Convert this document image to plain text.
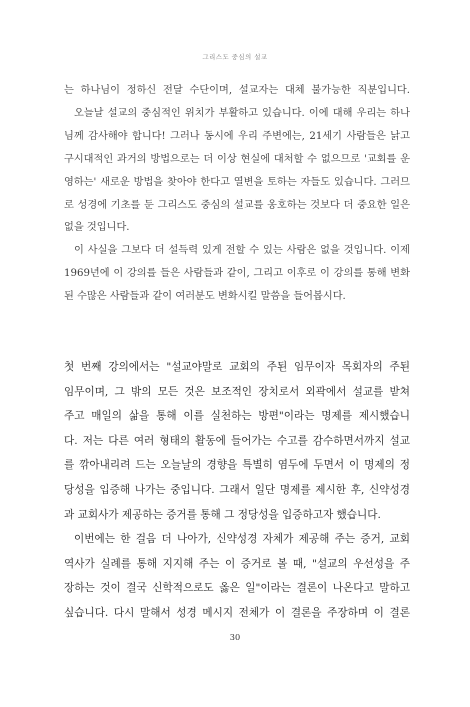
그리스도 중심의 설교
는 하나님이 정하신 전달 수단이며, 설교자는 대체 불가능한 직분입니다.
오늘날 설교의 중심적인 위치가 부활하고 있습니다. 이에 대해 우리는 하나
님께 감사해야 합니다! 그러나 동시에 우리 주변에는, 21세기 사람들은 낡고
구시대적인 과거의 방법으로는 더 이상 현실에 대처할 수 없으므로 '교회를 운
영하는' 새로운 방법을 찾아야 한다고 열변을 토하는 자들도 있습니다. 그러므
로 성경에 기초를 둔 그리스도 중심의 설교를 옹호하는 것보다 더 중요한 일은
없을 것입니다.
이 사실을 그보다 더 설득력 있게 전할 수 있는 사람은 없을 것입니다. 이제
1969년에 이 강의를 들은 사람들과 같이, 그리고 이후로 이 강의를 통해 변화
된 수많은 사람들과 같이 여러분도 변화시킬 말씀을 들어봅시다.
첫 번째 강의에서는 "설교야말로 교회의 주된 임무이자 목회자의 주된
임무이며, 그 밖의 모든 것은 보조적인 장치로서 외곽에서 설교를 받쳐
주고 매일의 삶을 통해 이를 실천하는 방편"이라는 명제를 제시했습니
다. 저는 다른 여러 형태의 활동에 들어가는 수고를 감수하면서까지 설교
를 깎아내리려 드는 오늘날의 경향을 특별히 염두에 두면서 이 명제의 정
당성을 입증해 나가는 중입니다. 그래서 일단 명제를 제시한 후, 신약성경
과 교회사가 제공하는 증거를 통해 그 정당성을 입증하고자 했습니다.
이번에는 한 걸음 더 나아가, 신약성경 자체가 제공해 주는 증거, 교회
역사가 실례를 통해 지지해 주는 이 증거로 볼 때, "설교의 우선성을 주
장하는 것이 결국 신학적으로도 옳은 일"이라는 결론이 나온다고 말하고
싶습니다. 다시 말해서 성경 메시지 전체가 이 결론을 주장하며 이 결론
30
